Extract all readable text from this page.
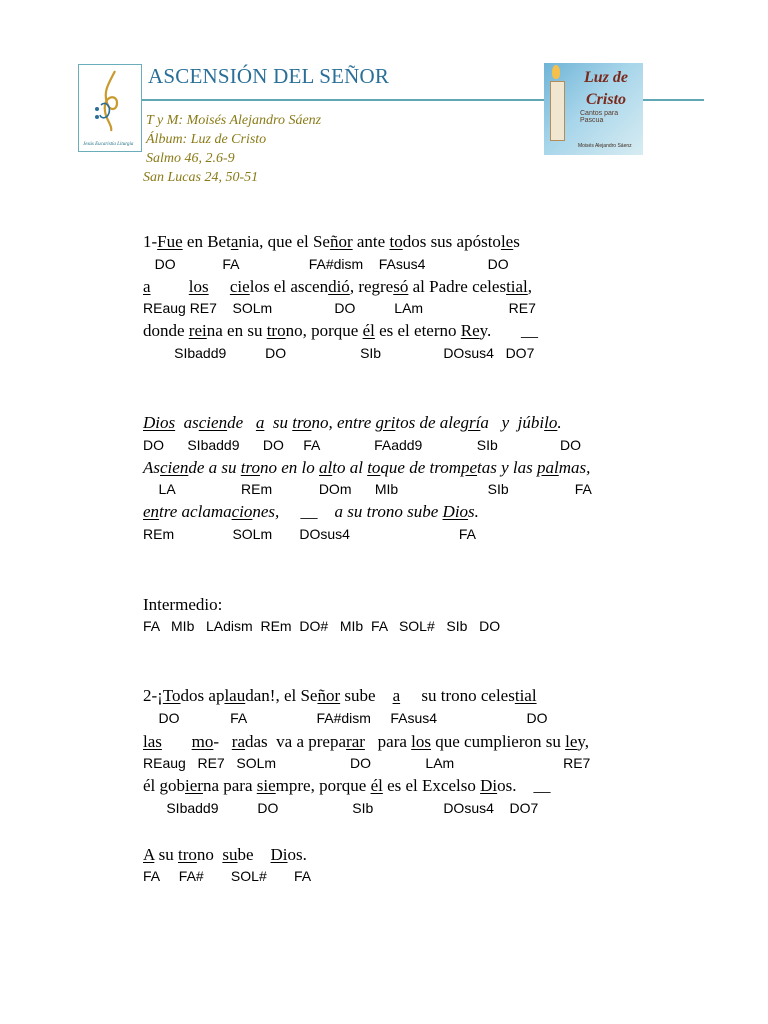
Jesús Eucaristía Liturgia
ASCENSIÓN DEL SEÑOR
T y M: Moisés Alejandro Sáenz
Álbum: Luz de Cristo
Salmo 46, 2.6-9
San Lucas 24, 50-51
Luz de
Cristo
Cantos para Pascua
Moisés Alejandro Sáenz
1-Fue en Betania, que el Señor ante todos sus apóstoles
DO            FA                  FA#dism    FAsus4                DO
a los cielos el ascendió, regresó al Padre celestial,
REaug RE7    SOLm                DO          LAm                      RE7
donde reina en su trono, porque él es el eterno Rey.       __
SIbadd9          DO                   SIb                DOsus4   DO7
Dios  asciende   a  su trono, entre gritos de alegría   y  júbilo.
DO      SIbadd9      DO     FA              FAadd9              SIb                DO
Asciende a su trono en lo alto al toque de trompetas y las palmas,
LA                 REm            DOm      MIb                       SIb                 FA
entre aclamaciones,     __    a su trono sube Dios.
REm               SOLm       DOsus4                            FA
Intermedio:
FA   MIb   LAdism  REm  DO#   MIb  FA   SOL#   SIb   DO
2-¡Todos aplaudan!, el Señor sube    a     su trono celestial
DO             FA                  FA#dism     FAsus4                       DO
las mo-   radas  va a preparar   para los que cumplieron su ley,
REaug   RE7   SOLm                   DO              LAm                            RE7
él gobierna para siempre, porque él es el Excelso Dios.    __
SIbadd9          DO                   SIb                  DOsus4    DO7
A su trono  sube    Dios.
FA     FA#       SOL#       FA
